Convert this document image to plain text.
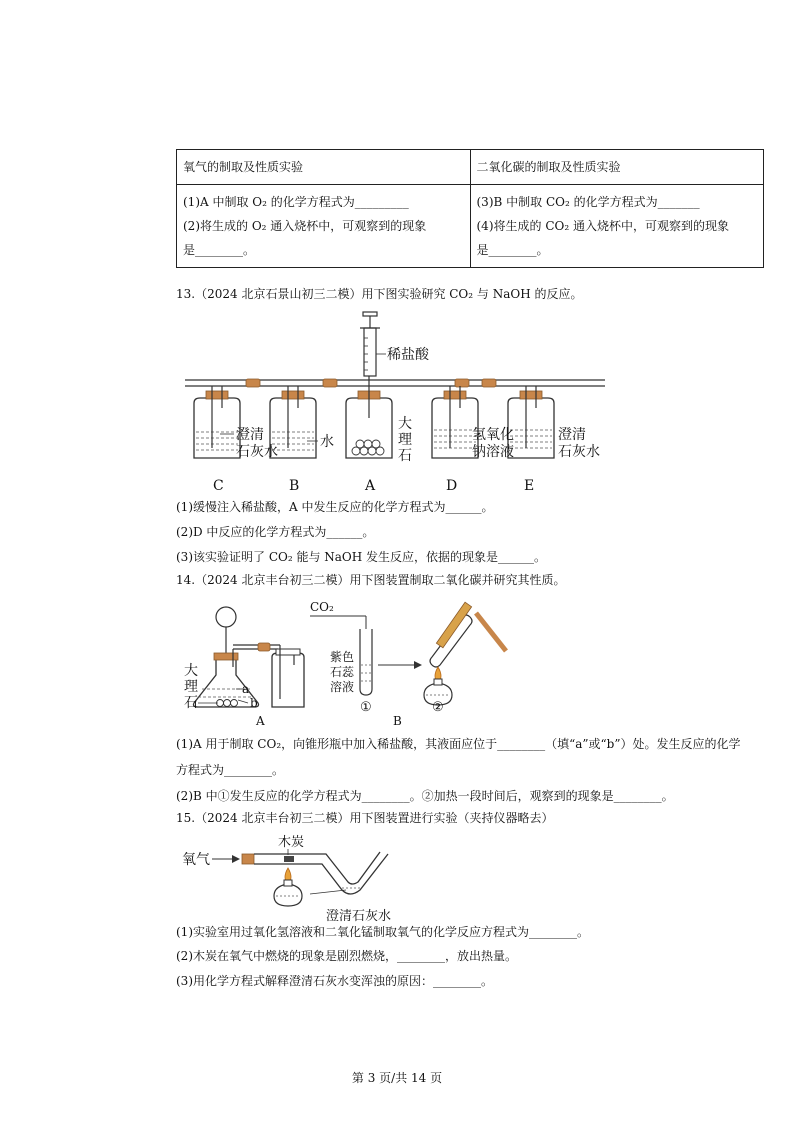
氧气的制取及性质实验	二氧化碳的制取及性质实验

(1)A 中制取 O₂ 的化学方程式为_________
(2)将生成的 O₂ 通入烧杯中，可观察到的现象
是________。	(3)B 中制取 CO₂ 的化学方程式为_______
(4)将生成的 CO₂ 通入烧杯中，可观察到的现象
是________。
13.（2024 北京石景山初三二模）用下图实验研究 CO₂ 与 NaOH 的反应。
稀盐酸
澄清
石灰水
水
大
理
石
氢氧化
钠溶液
澄清
石灰水
C	B	A	D	E
(1)缓慢注入稀盐酸，A 中发生反应的化学方程式为______。
(2)D 中反应的化学方程式为______。
(3)该实验证明了 CO₂ 能与 NaOH 发生反应，依据的现象是______。
14.（2024 北京丰台初三二模）用下图装置制取二氧化碳并研究其性质。
a
b
大
理
石
A
CO₂
紫色
石蕊
溶液
①	②
B
(1)A 用于制取 CO₂，向锥形瓶中加入稀盐酸，其液面应位于________（填“a”或“b”）处。发生反应的化学
方程式为________。
(2)B 中①发生反应的化学方程式为________。②加热一段时间后，观察到的现象是________。
15.（2024 北京丰台初三二模）用下图装置进行实验（夹持仪器略去）
氧气
木炭
澄清石灰水
(1)实验室用过氧化氢溶液和二氧化锰制取氧气的化学反应方程式为________。
(2)木炭在氧气中燃烧的现象是剧烈燃烧，________，放出热量。
(3)用化学方程式解释澄清石灰水变浑浊的原因：________。
第 3 页/共 14 页
